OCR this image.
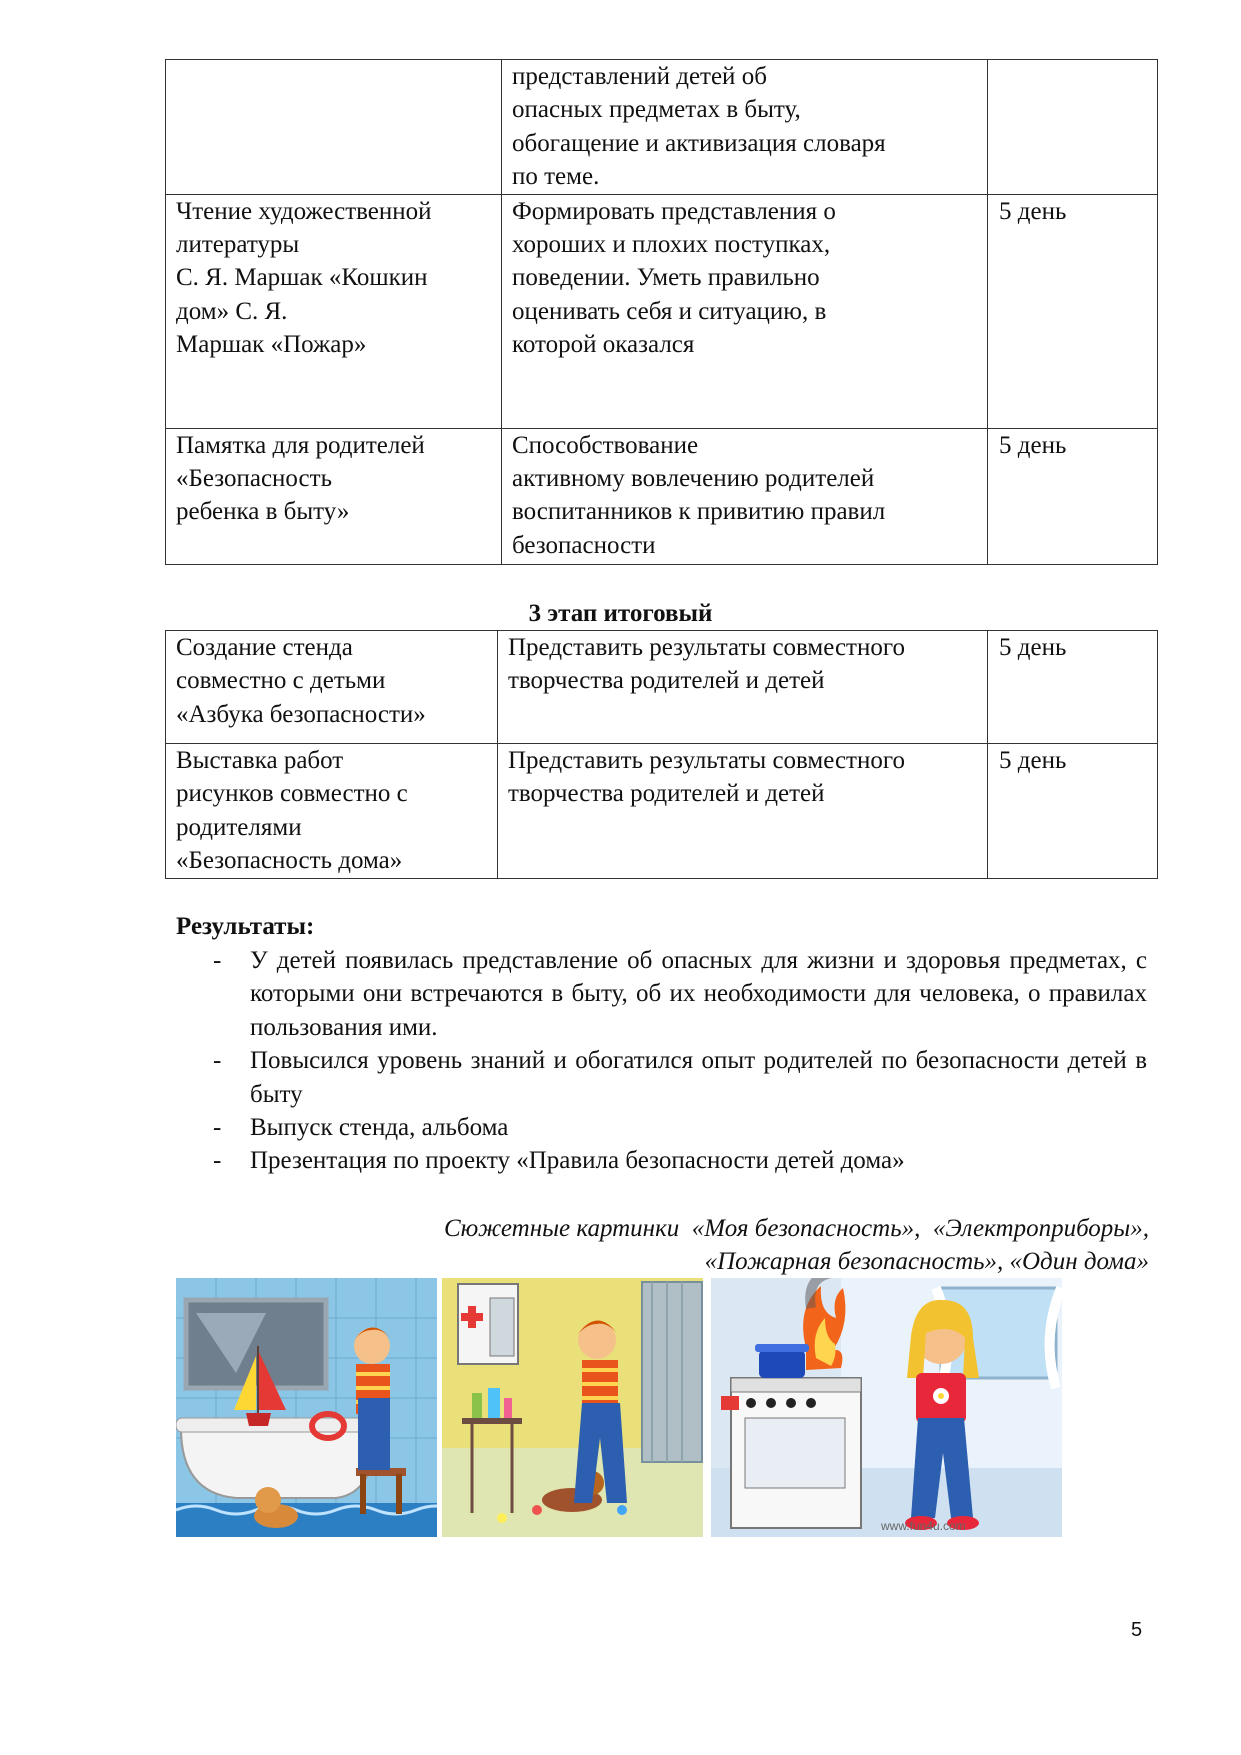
	представлений детей об
опасных предметах в быту,
обогащение и активизация словаря
по теме.	
Чтение художественной
литературы
С. Я. Маршак «Кошкин
дом» С. Я.
Маршак «Пожар»	Формировать представления о
хороших и плохих поступках,
поведении. Уметь правильно
оценивать себя и ситуацию, в
которой оказался	5 день
Памятка для родителей
«Безопасность
ребенка в быту»	Способствование
активному вовлечению родителей
воспитанников к привитию правил
безопасности	5 день
3 этап итоговый
Создание стенда
совместно с детьми
«Азбука безопасности»	Представить результаты совместного
творчества родителей и детей	5 день
Выставка работ
рисунков совместно с
родителями
«Безопасность дома»	Представить результаты совместного
творчества родителей и детей	5 день
Результаты:
- У детей появилась представление об опасных для жизни и здоровья предметах, с которыми они встречаются в быту, об их необходимости для человека, о правилах пользования ими.
- Повысился уровень знаний и обогатился опыт родителей по безопасности детей в быту
- Выпуск стенда, альбома
- Презентация по проекту «Правила безопасности детей дома»
Сюжетные картинки  «Моя безопасность»,  «Электроприборы»,
«Пожарная безопасность», «Один дома»
www.fun4u.com
5
